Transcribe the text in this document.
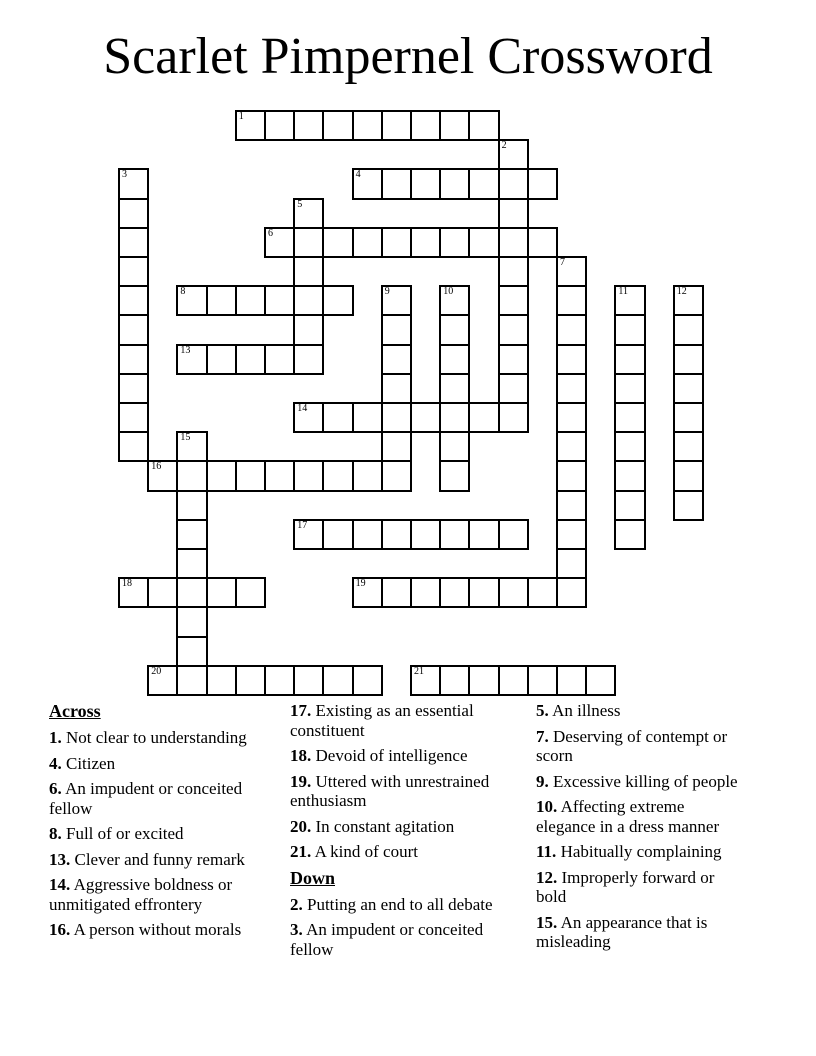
Scarlet Pimpernel Crossword
1
2
3	4
5
6
7
8	9	10	11	12
13
14
15
16
17
18	19
20	21

Across

1. Not clear to understanding

4. Citizen

6. An impudent or conceited fellow

8. Full of or excited

13. Clever and funny remark

14. Aggressive boldness or unmitigated effrontery

16. A person without morals

17. Existing as an essential constituent

18. Devoid of intelligence

19. Uttered with unrestrained enthusiasm

20. In constant agitation

21. A kind of court

Down

2. Putting an end to all debate

3. An impudent or conceited fellow

5. An illness

7. Deserving of contempt or scorn

9. Excessive killing of people

10. Affecting extreme elegance in a dress manner

11. Habitually complaining

12. Improperly forward or bold

15. An appearance that is misleading
